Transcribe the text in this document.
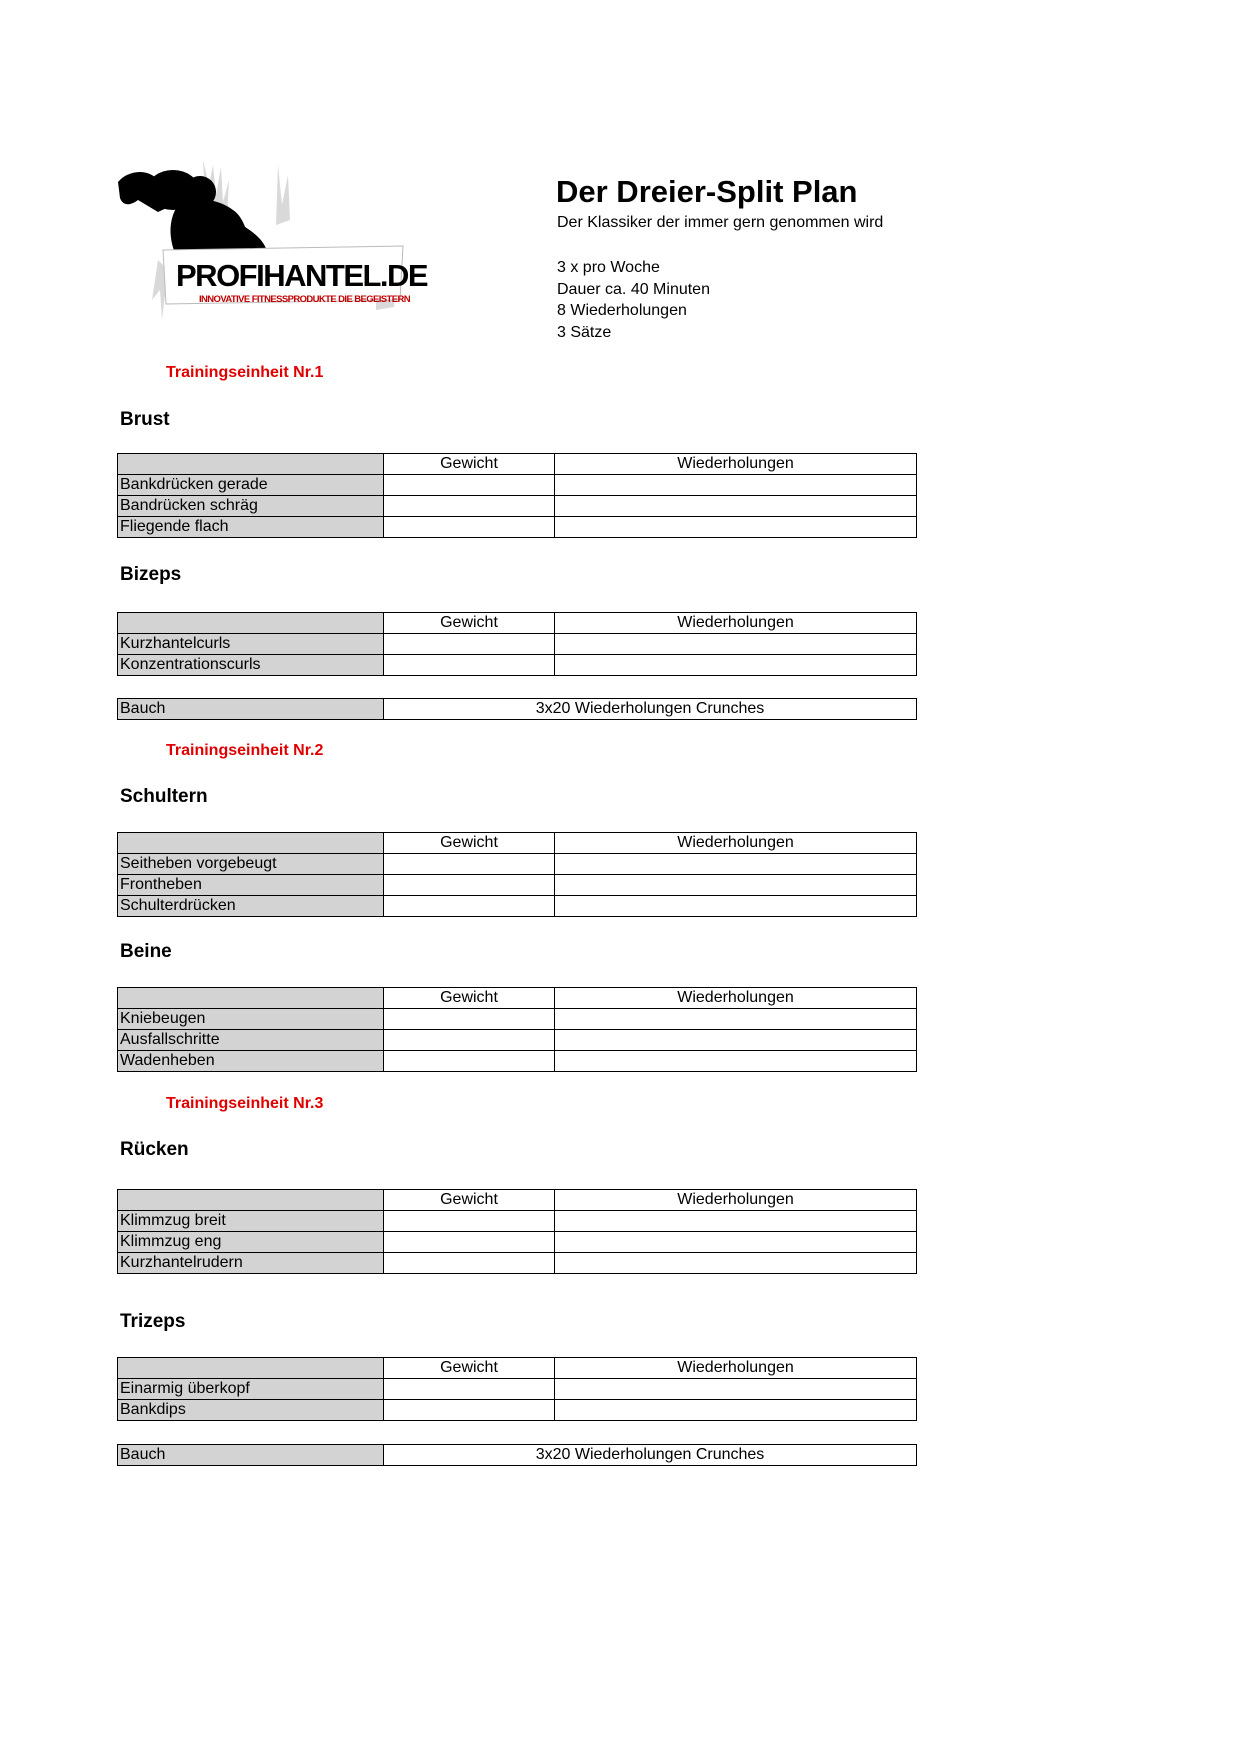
PROFIHANTEL.DE
INNOVATIVE FITNESSPRODUKTE DIE BEGEISTERN
Der Dreier-Split Plan
Der Klassiker der immer gern genommen wird
3 x pro Woche
Dauer ca. 40 Minuten
8 Wiederholungen
3 Sätze
Trainingseinheit Nr.1
Brust
	Gewicht	Wiederholungen
Bankdrücken gerade		
Bandrücken schräg		
Fliegende flach		
Bizeps
	Gewicht	Wiederholungen
Kurzhantelcurls		
Konzentrationscurls		
Bauch	3x20 Wiederholungen Crunches
Trainingseinheit Nr.2
Schultern
	Gewicht	Wiederholungen
Seitheben vorgebeugt		
Frontheben		
Schulterdrücken		
Beine
	Gewicht	Wiederholungen
Kniebeugen		
Ausfallschritte		
Wadenheben		
Trainingseinheit Nr.3
Rücken
	Gewicht	Wiederholungen
Klimmzug breit		
Klimmzug eng		
Kurzhantelrudern		
Trizeps
	Gewicht	Wiederholungen
Einarmig überkopf		
Bankdips		
Bauch	3x20 Wiederholungen Crunches
